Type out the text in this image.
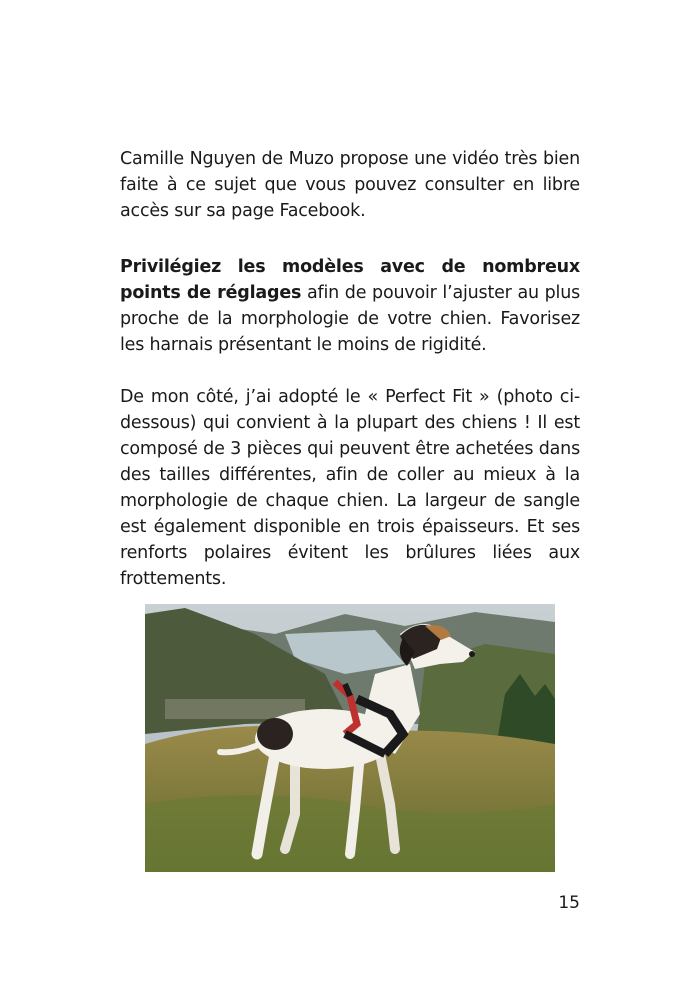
Camille Nguyen de Muzo propose une vidéo très bien faite à ce sujet que vous pouvez consulter en libre accès sur sa page Facebook.

Privilégiez les modèles avec de nombreux points de réglages afin de pouvoir l’ajuster au plus proche de la morphologie de votre chien. Favorisez les harnais présentant le moins de rigidité.

De mon côté, j’ai adopté le « Perfect Fit » (photo ci-dessous) qui convient à la plupart des chiens ! Il est composé de 3 pièces qui peuvent être achetées dans des tailles différentes, afin de coller au mieux à la morphologie de chaque chien. La largeur de sangle est également disponible en trois épaisseurs. Et ses renforts polaires évitent les brûlures liées aux frottements.

15
